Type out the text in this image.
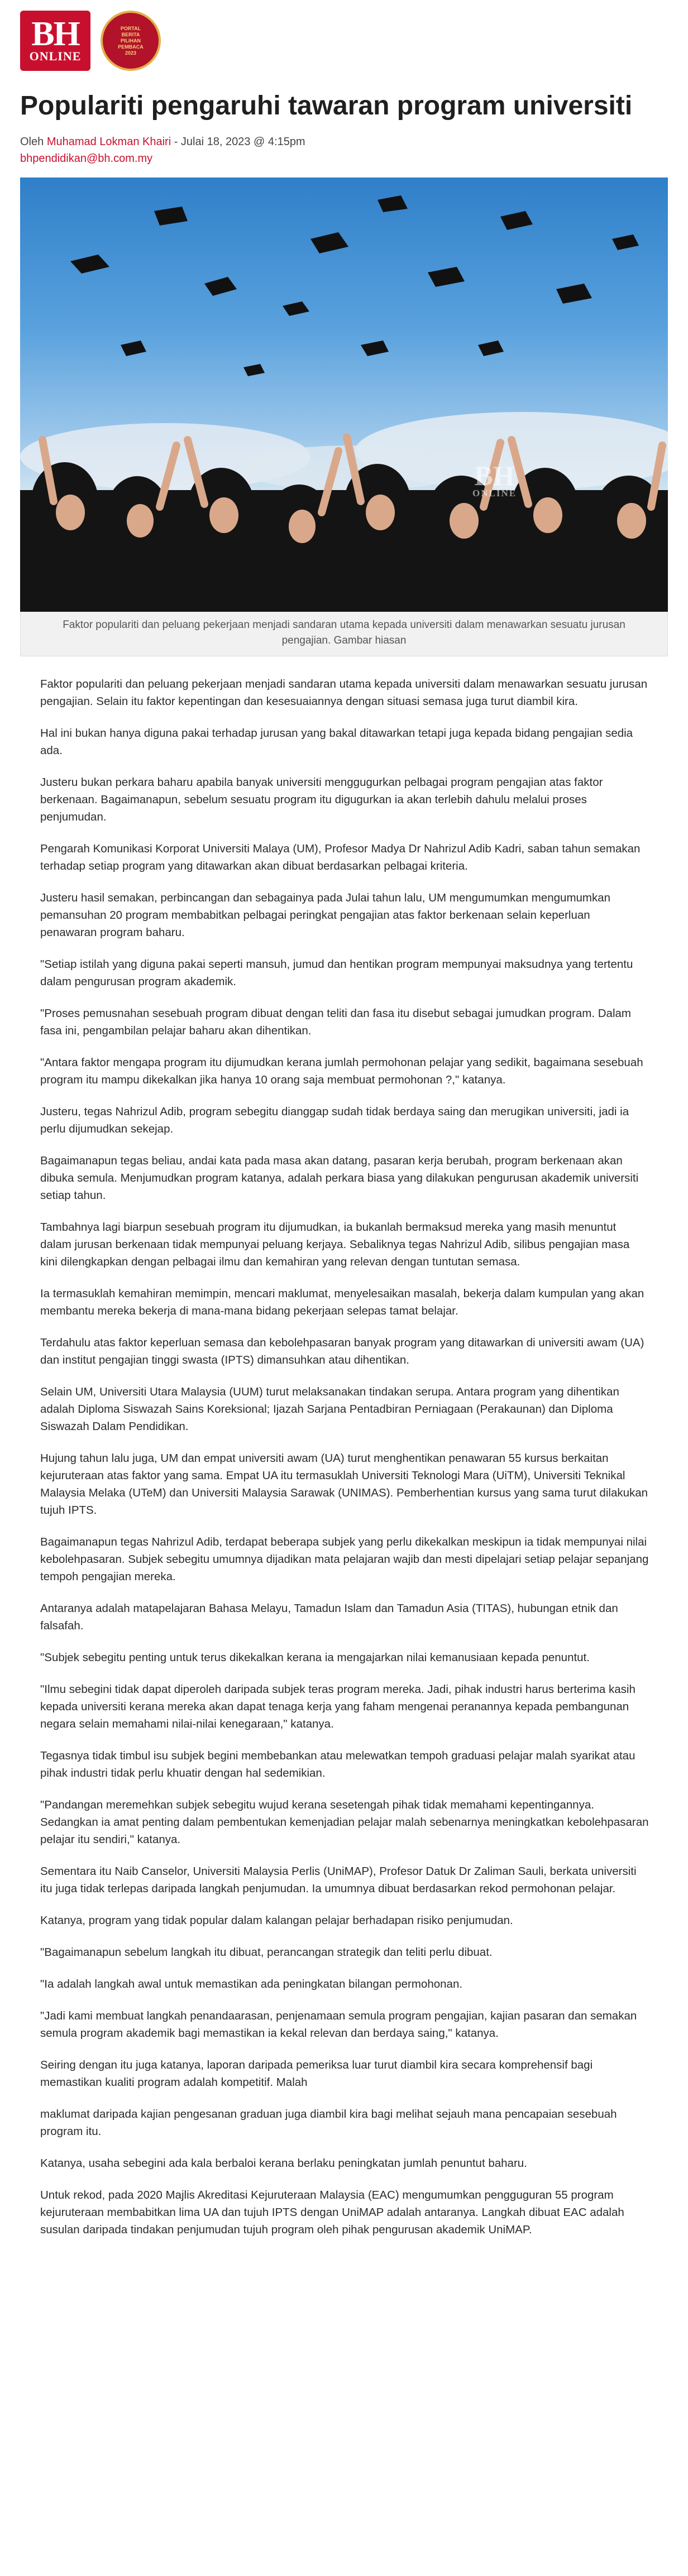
BH
ONLINE
PORTAL
BERITA
PILIHAN
PEMBACA
2023
Populariti pengaruhi tawaran program universiti
Oleh Muhamad Lokman Khairi - Julai 18, 2023 @ 4:15pm
bhpendidikan@bh.com.my
BH
ONLINE
Faktor populariti dan peluang pekerjaan menjadi sandaran utama kepada universiti dalam menawarkan sesuatu jurusan pengajian. Gambar hiasan

Faktor populariti dan peluang pekerjaan menjadi sandaran utama kepada universiti dalam menawarkan sesuatu jurusan pengajian. Selain itu faktor kepentingan dan kesesuaiannya dengan situasi semasa juga turut diambil kira.

Hal ini bukan hanya diguna pakai terhadap jurusan yang bakal ditawarkan tetapi juga kepada bidang pengajian sedia ada.

Justeru bukan perkara baharu apabila banyak universiti menggugurkan pelbagai program pengajian atas faktor berkenaan. Bagaimanapun, sebelum sesuatu program itu digugurkan ia akan terlebih dahulu melalui proses penjumudan.

Pengarah Komunikasi Korporat Universiti Malaya (UM), Profesor Madya Dr Nahrizul Adib Kadri, saban tahun semakan terhadap setiap program yang ditawarkan akan dibuat berdasarkan pelbagai kriteria.

Justeru hasil semakan, perbincangan dan sebagainya pada Julai tahun lalu, UM mengumumkan mengumumkan pemansuhan 20 program membabitkan pelbagai peringkat pengajian atas faktor berkenaan selain keperluan penawaran program baharu.

"Setiap istilah yang diguna pakai seperti mansuh, jumud dan hentikan program mempunyai maksudnya yang tertentu dalam pengurusan program akademik.

"Proses pemusnahan sesebuah program dibuat dengan teliti dan fasa itu disebut sebagai jumudkan program. Dalam fasa ini, pengambilan pelajar baharu akan dihentikan.

"Antara faktor mengapa program itu dijumudkan kerana jumlah permohonan pelajar yang sedikit, bagaimana sesebuah program itu mampu dikekalkan jika hanya 10 orang saja membuat permohonan ?," katanya.

Justeru, tegas Nahrizul Adib, program sebegitu dianggap sudah tidak berdaya saing dan merugikan universiti, jadi ia perlu dijumudkan sekejap.

Bagaimanapun tegas beliau, andai kata pada masa akan datang, pasaran kerja berubah, program berkenaan akan dibuka semula. Menjumudkan program katanya, adalah perkara biasa yang dilakukan pengurusan akademik universiti setiap tahun.

Tambahnya lagi biarpun sesebuah program itu dijumudkan, ia bukanlah bermaksud mereka yang masih menuntut dalam jurusan berkenaan tidak mempunyai peluang kerjaya. Sebaliknya tegas Nahrizul Adib, silibus pengajian masa kini dilengkapkan dengan pelbagai ilmu dan kemahiran yang relevan dengan tuntutan semasa.

Ia termasuklah kemahiran memimpin, mencari maklumat, menyelesaikan masalah, bekerja dalam kumpulan yang akan membantu mereka bekerja di mana-mana bidang pekerjaan selepas tamat belajar.

Terdahulu atas faktor keperluan semasa dan kebolehpasaran banyak program yang ditawarkan di universiti awam (UA) dan institut pengajian tinggi swasta (IPTS) dimansuhkan atau dihentikan.

Selain UM, Universiti Utara Malaysia (UUM) turut melaksanakan tindakan serupa. Antara program yang dihentikan adalah Diploma Siswazah Sains Koreksional; Ijazah Sarjana Pentadbiran Perniagaan (Perakaunan) dan Diploma Siswazah Dalam Pendidikan.

Hujung tahun lalu juga, UM dan empat universiti awam (UA) turut menghentikan penawaran 55 kursus berkaitan kejuruteraan atas faktor yang sama. Empat UA itu termasuklah Universiti Teknologi Mara (UiTM), Universiti Teknikal Malaysia Melaka (UTeM) dan Universiti Malaysia Sarawak (UNIMAS). Pemberhentian kursus yang sama turut dilakukan tujuh IPTS.

Bagaimanapun tegas Nahrizul Adib, terdapat beberapa subjek yang perlu dikekalkan meskipun ia tidak mempunyai nilai kebolehpasaran. Subjek sebegitu umumnya dijadikan mata pelajaran wajib dan mesti dipelajari setiap pelajar sepanjang tempoh pengajian mereka.

Antaranya adalah matapelajaran Bahasa Melayu, Tamadun Islam dan Tamadun Asia (TITAS), hubungan etnik dan falsafah.

"Subjek sebegitu penting untuk terus dikekalkan kerana ia mengajarkan nilai kemanusiaan kepada penuntut.

"Ilmu sebegini tidak dapat diperoleh daripada subjek teras program mereka. Jadi, pihak industri harus berterima kasih kepada universiti kerana mereka akan dapat tenaga kerja yang faham mengenai peranannya kepada pembangunan negara selain memahami nilai-nilai kenegaraan," katanya.

Tegasnya tidak timbul isu subjek begini membebankan atau melewatkan tempoh graduasi pelajar malah syarikat atau pihak industri tidak perlu khuatir dengan hal sedemikian.

"Pandangan meremehkan subjek sebegitu wujud kerana sesetengah pihak tidak memahami kepentingannya. Sedangkan ia amat penting dalam pembentukan kemenjadian pelajar malah sebenarnya meningkatkan kebolehpasaran pelajar itu sendiri," katanya.

Sementara itu Naib Canselor, Universiti Malaysia Perlis (UniMAP), Profesor Datuk Dr Zaliman Sauli, berkata universiti itu juga tidak terlepas daripada langkah penjumudan. Ia umumnya dibuat berdasarkan rekod permohonan pelajar.

Katanya, program yang tidak popular dalam kalangan pelajar berhadapan risiko penjumudan.

"Bagaimanapun sebelum langkah itu dibuat, perancangan strategik dan teliti perlu dibuat.

"Ia adalah langkah awal untuk memastikan ada peningkatan bilangan permohonan.

"Jadi kami membuat langkah penandaarasan, penjenamaan semula program pengajian, kajian pasaran dan semakan semula program akademik bagi memastikan ia kekal relevan dan berdaya saing," katanya.

Seiring dengan itu juga katanya, laporan daripada pemeriksa luar turut diambil kira secara komprehensif bagi memastikan kualiti program adalah kompetitif. Malah

maklumat daripada kajian pengesanan graduan juga diambil kira bagi melihat sejauh mana pencapaian sesebuah program itu.

Katanya, usaha sebegini ada kala berbaloi kerana berlaku peningkatan jumlah penuntut baharu.

Untuk rekod, pada 2020 Majlis Akreditasi Kejuruteraan Malaysia (EAC) mengumumkan pengguguran 55 program kejuruteraan membabitkan lima UA dan tujuh IPTS dengan UniMAP adalah antaranya. Langkah dibuat EAC adalah susulan daripada tindakan penjumudan tujuh program oleh pihak pengurusan akademik UniMAP.
